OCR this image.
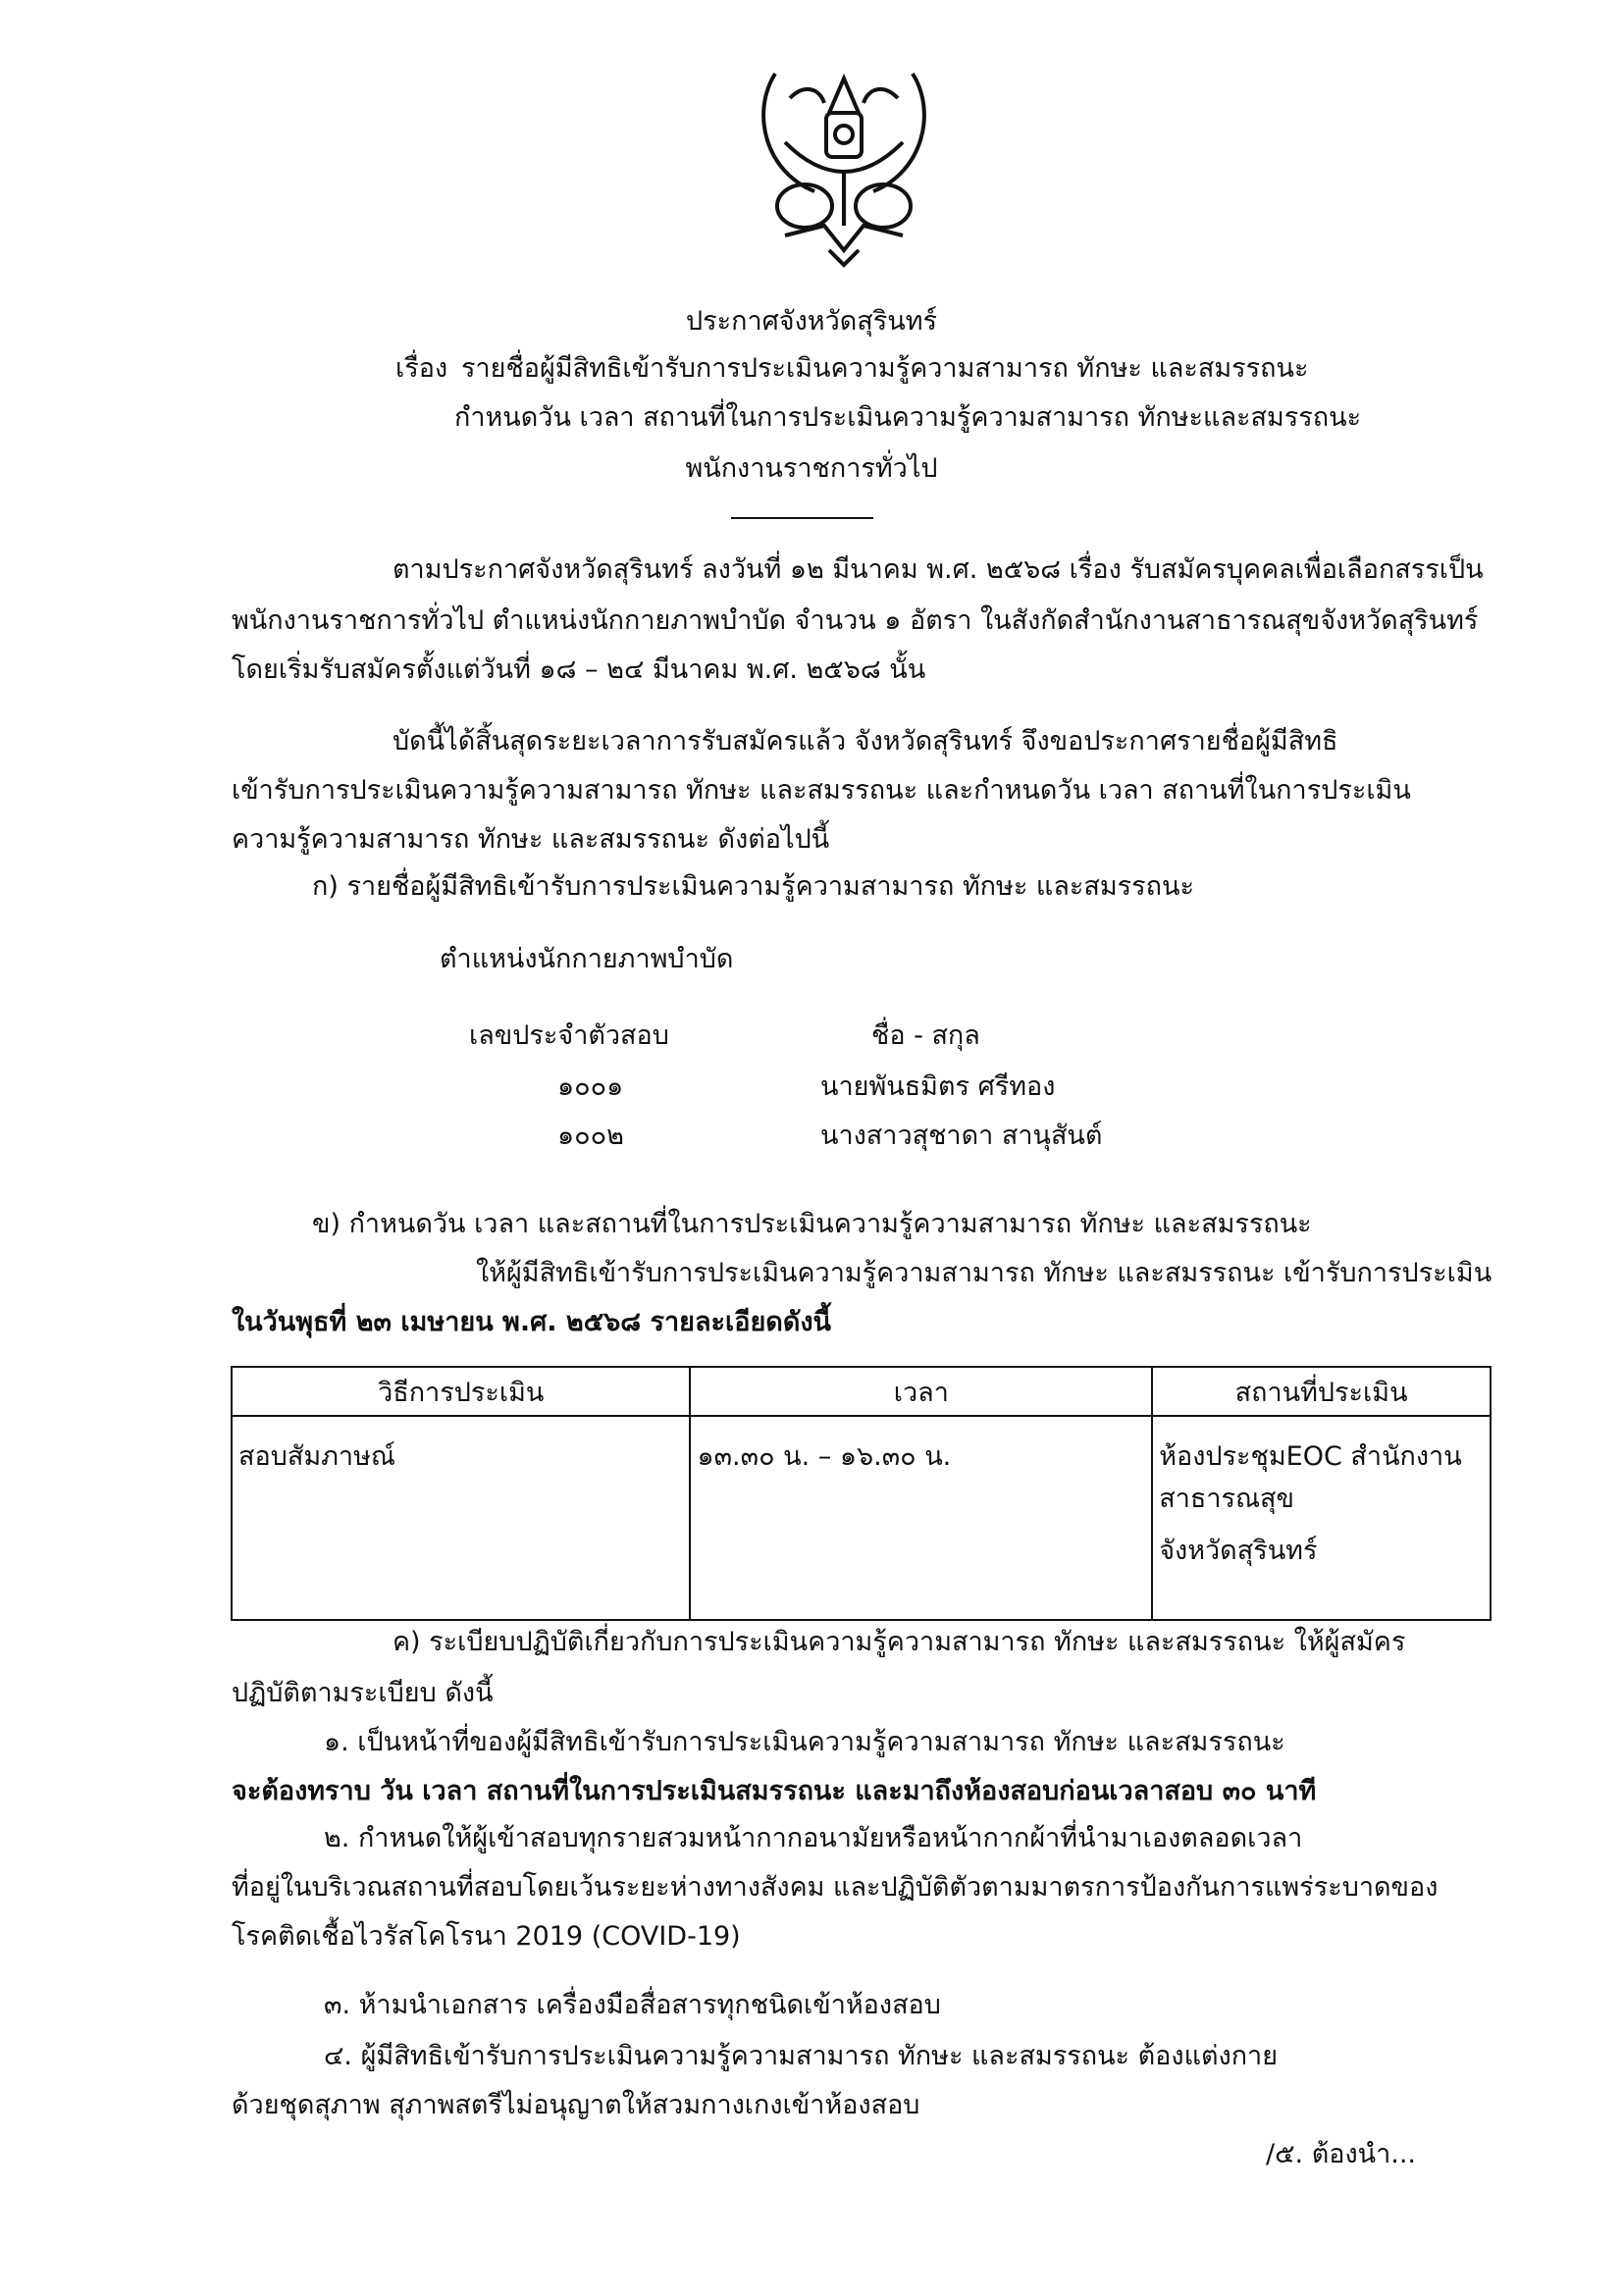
ประกาศจังหวัดสุรินทร์
เรื่อง รายชื่อผู้มีสิทธิเข้ารับการประเมินความรู้ความสามารถ ทักษะ และสมรรถนะ
กำหนดวัน เวลา สถานที่ในการประเมินความรู้ความสามารถ ทักษะและสมรรถนะ
พนักงานราชการทั่วไป
ตามประกาศจังหวัดสุรินทร์ ลงวันที่ ๑๒ มีนาคม พ.ศ. ๒๕๖๘ เรื่อง รับสมัครบุคคลเพื่อเลือกสรรเป็น
พนักงานราชการทั่วไป ตำแหน่งนักกายภาพบำบัด จำนวน ๑ อัตรา ในสังกัดสำนักงานสาธารณสุขจังหวัดสุรินทร์
โดยเริ่มรับสมัครตั้งแต่วันที่ ๑๘ – ๒๔ มีนาคม พ.ศ. ๒๕๖๘ นั้น
บัดนี้ได้สิ้นสุดระยะเวลาการรับสมัครแล้ว จังหวัดสุรินทร์ จึงขอประกาศรายชื่อผู้มีสิทธิ
เข้ารับการประเมินความรู้ความสามารถ ทักษะ และสมรรถนะ และกำหนดวัน เวลา สถานที่ในการประเมิน
ความรู้ความสามารถ ทักษะ และสมรรถนะ ดังต่อไปนี้
ก) รายชื่อผู้มีสิทธิเข้ารับการประเมินความรู้ความสามารถ ทักษะ และสมรรถนะ
ตำแหน่งนักกายภาพบำบัด
เลขประจำตัวสอบ	ชื่อ - สกุล
๑๐๐๑	นายพันธมิตร ศรีทอง
๑๐๐๒	นางสาวสุชาดา สานุสันต์
ข) กำหนดวัน เวลา และสถานที่ในการประเมินความรู้ความสามารถ ทักษะ และสมรรถนะ
ให้ผู้มีสิทธิเข้ารับการประเมินความรู้ความสามารถ ทักษะ และสมรรถนะ เข้ารับการประเมิน
ในวันพุธที่ ๒๓ เมษายน พ.ศ. ๒๕๖๘ รายละเอียดดังนี้
วิธีการประเมิน	เวลา	สถานที่ประเมิน
สอบสัมภาษณ์	๑๓.๓๐ น. – ๑๖.๓๐ น.	ห้องประชุมEOC สำนักงานสาธารณสุข
จังหวัดสุรินทร์
ค) ระเบียบปฏิบัติเกี่ยวกับการประเมินความรู้ความสามารถ ทักษะ และสมรรถนะ ให้ผู้สมัคร
ปฏิบัติตามระเบียบ ดังนี้
๑. เป็นหน้าที่ของผู้มีสิทธิเข้ารับการประเมินความรู้ความสามารถ ทักษะ และสมรรถนะ
จะต้องทราบ วัน เวลา สถานที่ในการประเมินสมรรถนะ และมาถึงห้องสอบก่อนเวลาสอบ ๓๐ นาที
๒. กำหนดให้ผู้เข้าสอบทุกรายสวมหน้ากากอนามัยหรือหน้ากากผ้าที่นำมาเองตลอดเวลา
ที่อยู่ในบริเวณสถานที่สอบโดยเว้นระยะห่างทางสังคม และปฏิบัติตัวตามมาตรการป้องกันการแพร่ระบาดของ
โรคติดเชื้อไวรัสโคโรนา 2019 (COVID-19)
๓. ห้ามนำเอกสาร เครื่องมือสื่อสารทุกชนิดเข้าห้องสอบ
๔. ผู้มีสิทธิเข้ารับการประเมินความรู้ความสามารถ ทักษะ และสมรรถนะ ต้องแต่งกาย
ด้วยชุดสุภาพ สุภาพสตรีไม่อนุญาตให้สวมกางเกงเข้าห้องสอบ
/๕. ต้องนำ...
